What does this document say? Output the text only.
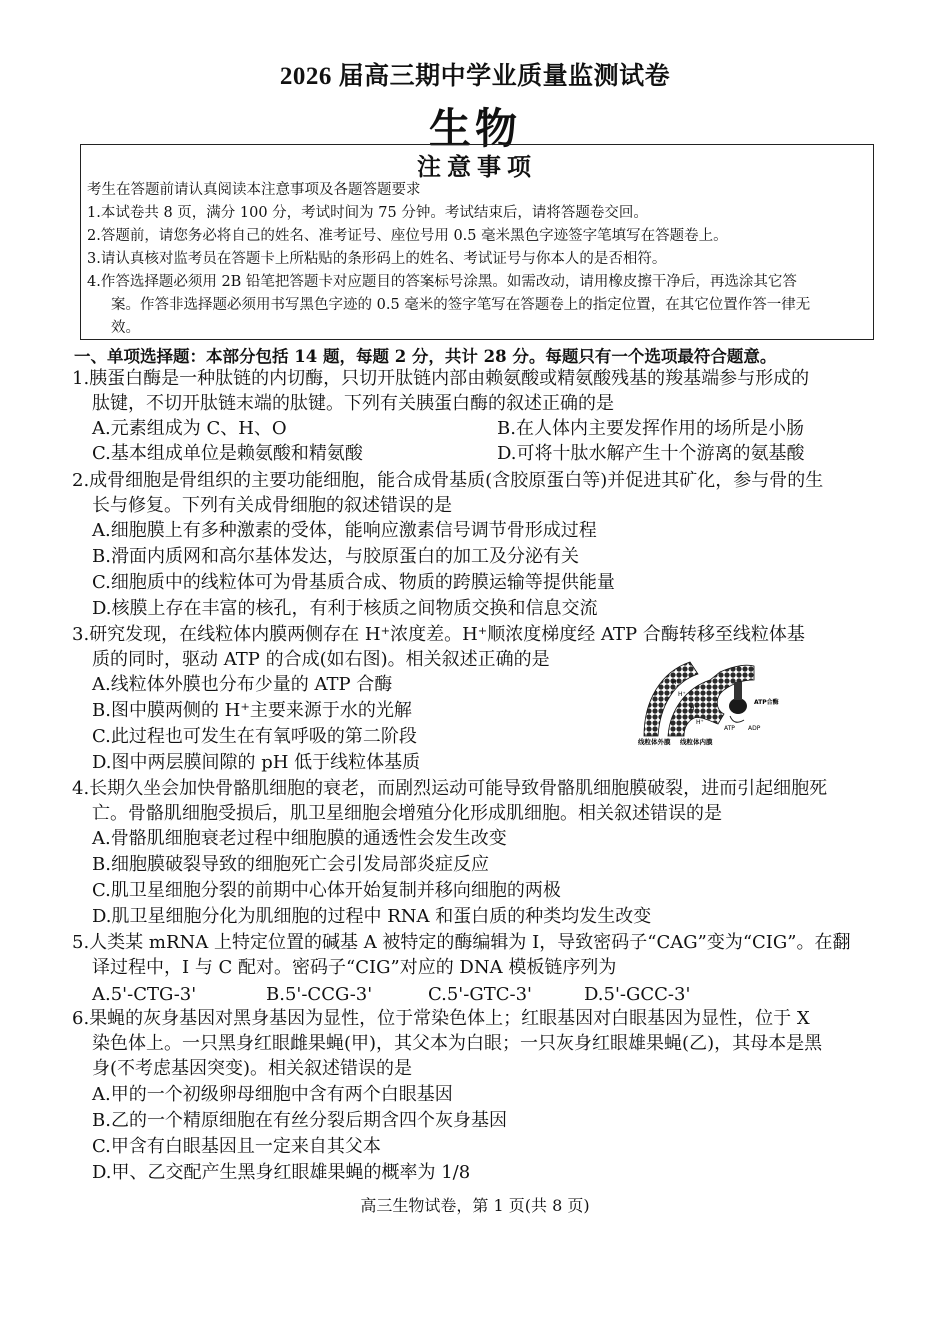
2026 届高三期中学业质量监测试卷
生物
注意事项
考生在答题前请认真阅读本注意事项及各题答题要求
1.本试卷共 8 页，满分 100 分，考试时间为 75 分钟。考试结束后，请将答题卷交回。
2.答题前，请您务必将自己的姓名、准考证号、座位号用 0.5 毫米黑色字迹签字笔填写在答题卷上。
3.请认真核对监考员在答题卡上所粘贴的条形码上的姓名、考试证号与你本人的是否相符。
4.作答选择题必须用 2B 铅笔把答题卡对应题目的答案标号涂黑。如需改动，请用橡皮擦干净后，再选涂其它答
案。作答非选择题必须用书写黑色字迹的 0.5 毫米的签字笔写在答题卷上的指定位置，在其它位置作答一律无
效。
一、单项选择题：本部分包括 14 题，每题 2 分，共计 28 分。每题只有一个选项最符合题意。
1.胰蛋白酶是一种肽链的内切酶，只切开肽链内部由赖氨酸或精氨酸残基的羧基端参与形成的
肽键，不切开肽链末端的肽键。下列有关胰蛋白酶的叙述正确的是
A.元素组成为 C、H、O	B.在人体内主要发挥作用的场所是小肠
C.基本组成单位是赖氨酸和精氨酸	D.可将十肽水解产生十个游离的氨基酸
2.成骨细胞是骨组织的主要功能细胞，能合成骨基质(含胶原蛋白等)并促进其矿化，参与骨的生
长与修复。下列有关成骨细胞的叙述错误的是
A.细胞膜上有多种激素的受体，能响应激素信号调节骨形成过程
B.滑面内质网和高尔基体发达，与胶原蛋白的加工及分泌有关
C.细胞质中的线粒体可为骨基质合成、物质的跨膜运输等提供能量
D.核膜上存在丰富的核孔，有利于核质之间物质交换和信息交流
3.研究发现，在线粒体内膜两侧存在 H⁺浓度差。H⁺顺浓度梯度经 ATP 合酶转移至线粒体基
质的同时，驱动 ATP 的合成(如右图)。相关叙述正确的是
A.线粒体外膜也分布少量的 ATP 合酶
B.图中膜两侧的 H⁺主要来源于水的光解
C.此过程也可发生在有氧呼吸的第二阶段
D.图中两层膜间隙的 pH 低于线粒体基质
H⁺
H⁺
H⁺
H⁺
ATP合酶
ATP ADP
线粒体外膜 线粒体内膜
4.长期久坐会加快骨骼肌细胞的衰老，而剧烈运动可能导致骨骼肌细胞膜破裂，进而引起细胞死
亡。骨骼肌细胞受损后，肌卫星细胞会增殖分化形成肌细胞。相关叙述错误的是
A.骨骼肌细胞衰老过程中细胞膜的通透性会发生改变
B.细胞膜破裂导致的细胞死亡会引发局部炎症反应
C.肌卫星细胞分裂的前期中心体开始复制并移向细胞的两极
D.肌卫星细胞分化为肌细胞的过程中 RNA 和蛋白质的种类均发生改变
5.人类某 mRNA 上特定位置的碱基 A 被特定的酶编辑为 I，导致密码子“CAG”变为“CIG”。在翻
译过程中，I 与 C 配对。密码子“CIG”对应的 DNA 模板链序列为
A.5'-CTG-3'	B.5'-CCG-3'	C.5'-GTC-3'	D.5'-GCC-3'
6.果蝇的灰身基因对黑身基因为显性，位于常染色体上；红眼基因对白眼基因为显性，位于 X
染色体上。一只黑身红眼雌果蝇(甲)，其父本为白眼；一只灰身红眼雄果蝇(乙)，其母本是黑
身(不考虑基因突变)。相关叙述错误的是
A.甲的一个初级卵母细胞中含有两个白眼基因
B.乙的一个精原细胞在有丝分裂后期含四个灰身基因
C.甲含有白眼基因且一定来自其父本
D.甲、乙交配产生黑身红眼雄果蝇的概率为 1/8
高三生物试卷，第 1 页(共 8 页)
